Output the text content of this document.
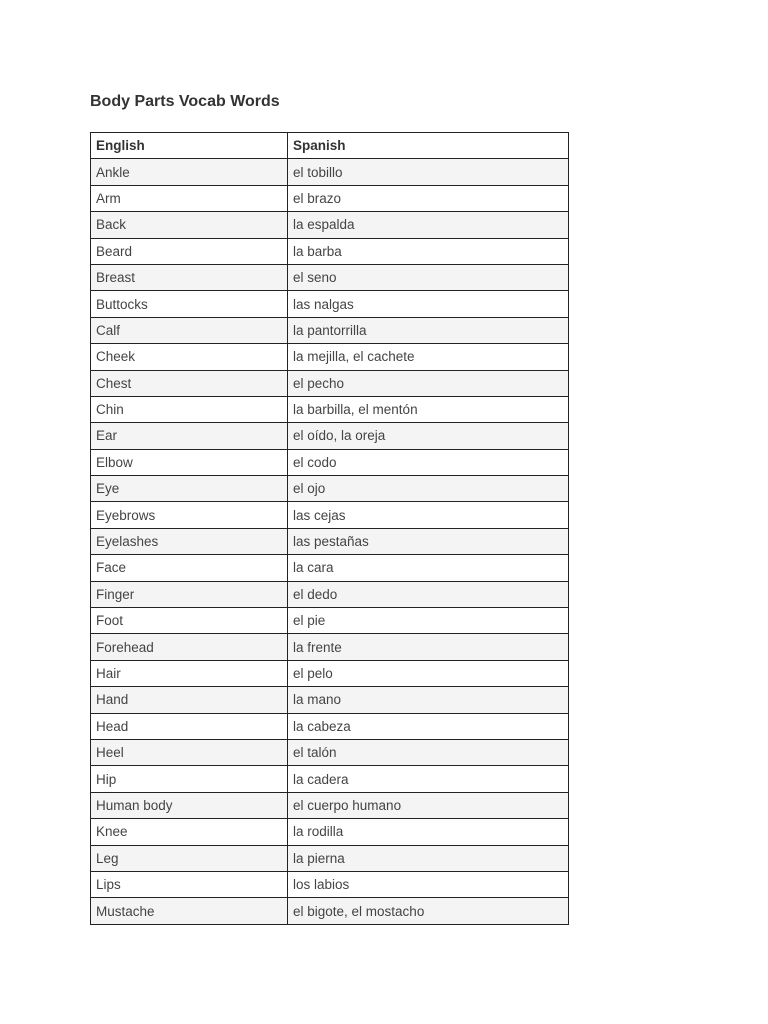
Body Parts Vocab Words
English	Spanish
Ankle	el tobillo
Arm	el brazo
Back	la espalda
Beard	la barba
Breast	el seno
Buttocks	las nalgas
Calf	la pantorrilla
Cheek	la mejilla, el cachete
Chest	el pecho
Chin	la barbilla, el mentón
Ear	el oído, la oreja
Elbow	el codo
Eye	el ojo
Eyebrows	las cejas
Eyelashes	las pestañas
Face	la cara
Finger	el dedo
Foot	el pie
Forehead	la frente
Hair	el pelo
Hand	la mano
Head	la cabeza
Heel	el talón
Hip	la cadera
Human body	el cuerpo humano
Knee	la rodilla
Leg	la pierna
Lips	los labios
Mustache	el bigote, el mostacho
